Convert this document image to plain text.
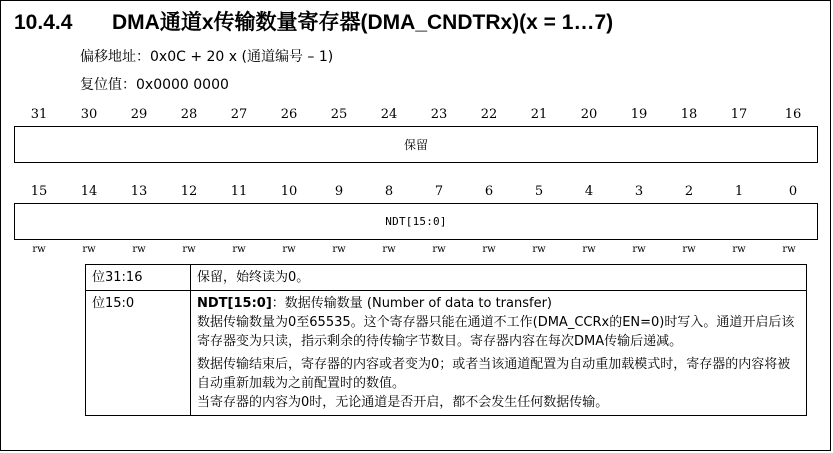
10.4.4 DMA通道x传输数量寄存器(DMA_CNDTRx)(x = 1…7)
偏移地址：0x0C + 20 x (通道编号 – 1)
复位值：0x0000 0000
31	30	29	28	27	26	25	24	23	22	21	20	19	18	17	16
保留
15	14	13	12	11	10	9	8	7	6	5	4	3	2	1	0
NDT[15:0]
rw	rw	rw	rw	rw	rw	rw	rw	rw	rw	rw	rw	rw	rw	rw	rw
位31:16	保留，始终读为0。
位15:0	NDT[15:0]：数据传输数量 (Number of data to transfer)

数据传输数量为0至65535。这个寄存器只能在通道不工作(DMA_CCRx的EN=0)时写入。通道开启后该寄存器变为只读，指示剩余的待传输字节数目。寄存器内容在每次DMA传输后递减。

数据传输结束后，寄存器的内容或者变为0；或者当该通道配置为自动重加载模式时，寄存器的内容将被自动重新加载为之前配置时的数值。

当寄存器的内容为0时，无论通道是否开启，都不会发生任何数据传输。
